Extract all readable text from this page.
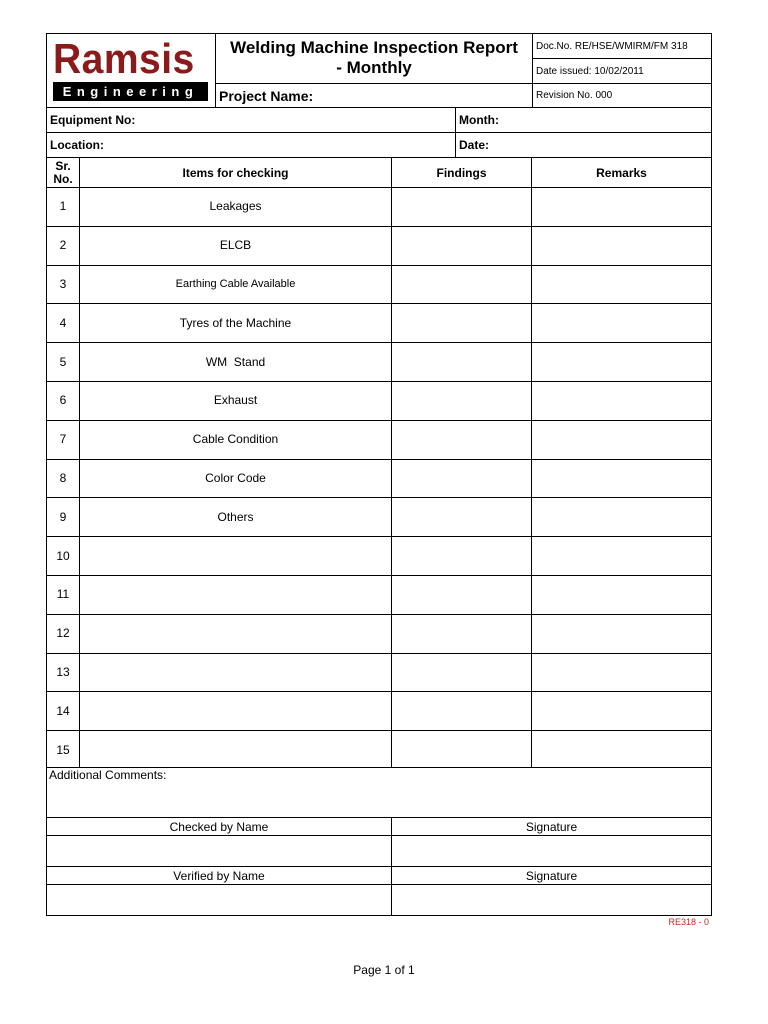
Ramsis
Engineering
Welding Machine Inspection Report
- Monthly
Project Name:
Doc.No. RE/HSE/WMIRM/FM 318
Date issued: 10/02/2011
Revision No. 000
Equipment No:	Month:
Location:	Date:
Sr.
No.	Items for checking	Findings	Remarks
1	Leakages
2	ELCB
3	Earthing Cable Available
4	Tyres of the Machine
5	WM  Stand
6	Exhaust
7	Cable Condition
8	Color Code
9	Others
10
11
12
13
14
15
Additional Comments:
Checked by Name	Signature
Verified by Name	Signature
RE318 - 0
Page 1 of 1
